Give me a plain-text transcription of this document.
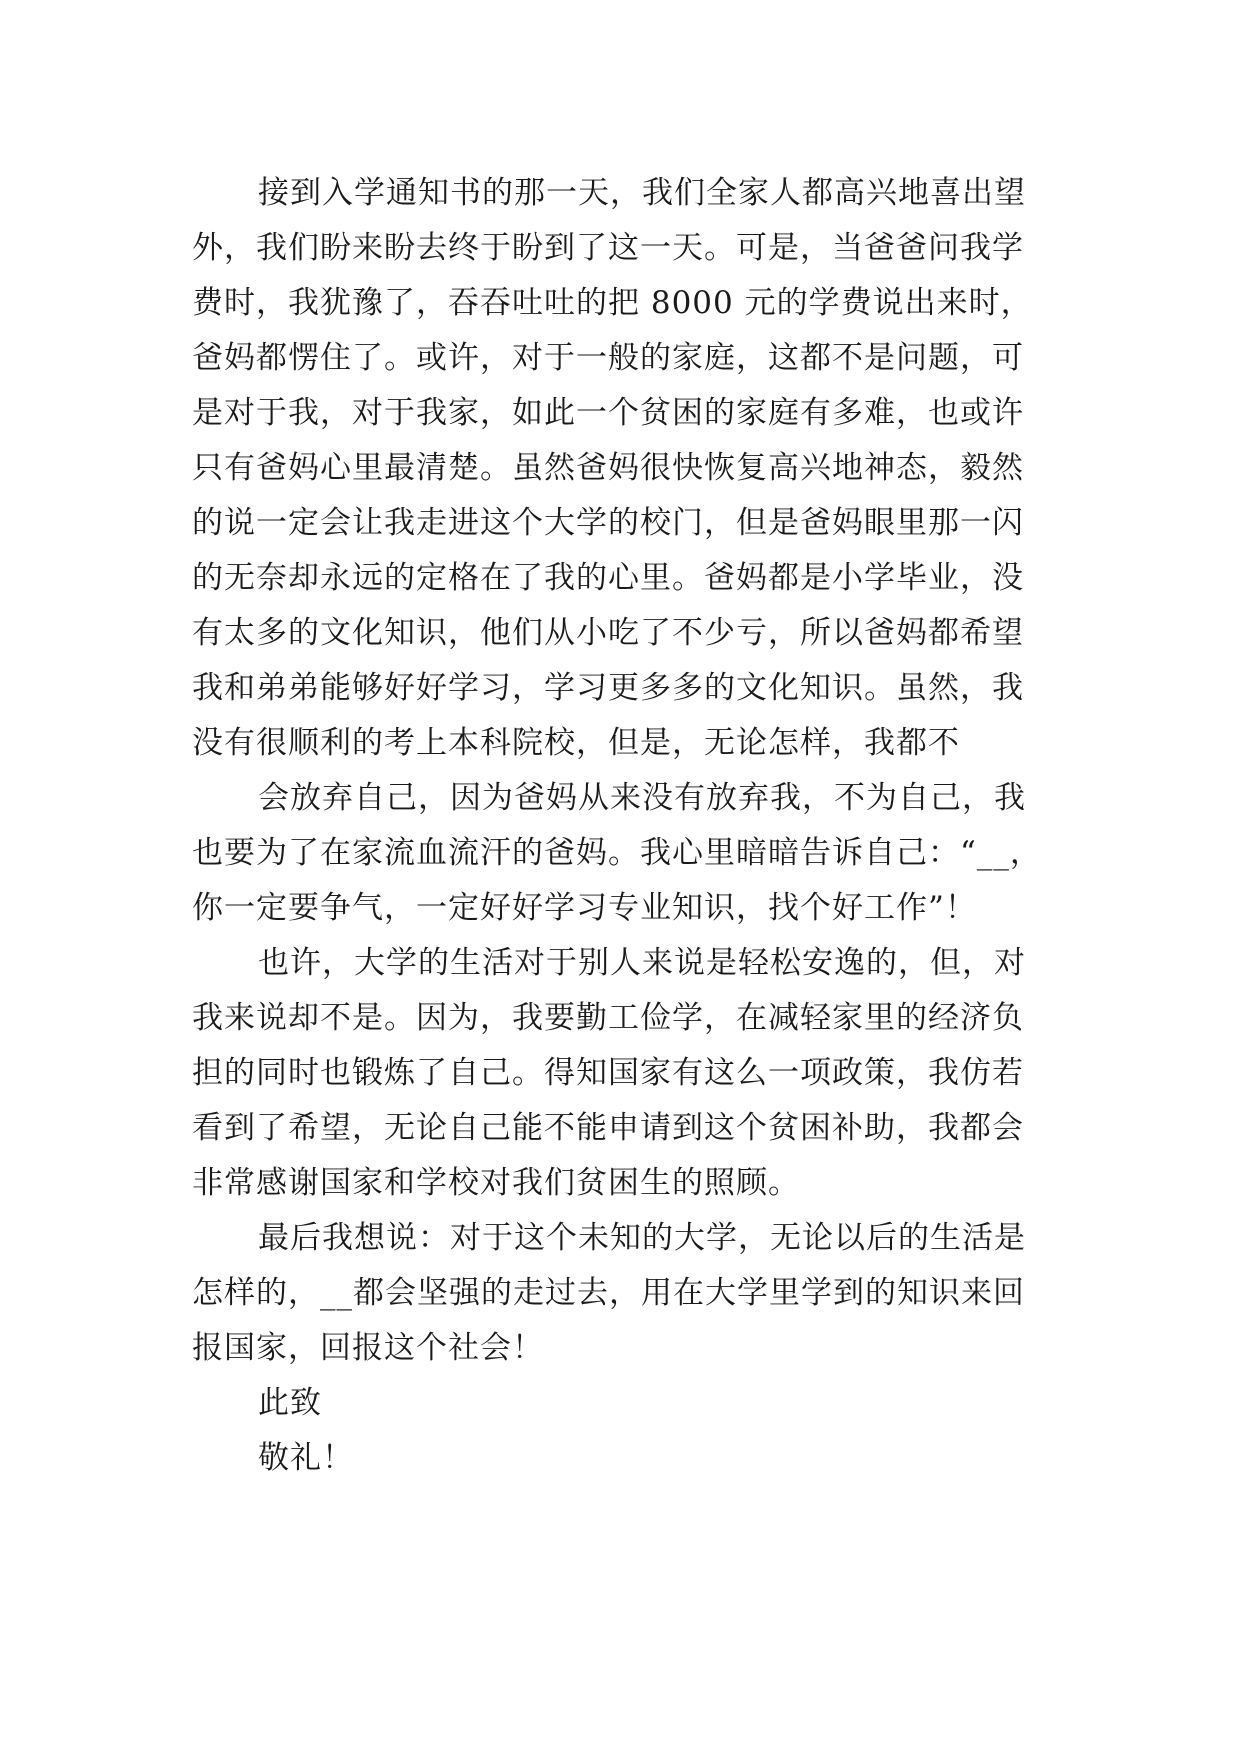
接到入学通知书的那一天，我们全家人都高兴地喜出望
外，我们盼来盼去终于盼到了这一天。可是，当爸爸问我学
费时，我犹豫了，吞吞吐吐的把 8000 元的学费说出来时，
爸妈都愣住了。或许，对于一般的家庭，这都不是问题，可
是对于我，对于我家，如此一个贫困的家庭有多难，也或许
只有爸妈心里最清楚。虽然爸妈很快恢复高兴地神态，毅然
的说一定会让我走进这个大学的校门，但是爸妈眼里那一闪
的无奈却永远的定格在了我的心里。爸妈都是小学毕业，没
有太多的文化知识，他们从小吃了不少亏，所以爸妈都希望
我和弟弟能够好好学习，学习更多多的文化知识。虽然，我
没有很顺利的考上本科院校，但是，无论怎样，我都不
会放弃自己，因为爸妈从来没有放弃我，不为自己，我
也要为了在家流血流汗的爸妈。我心里暗暗告诉自己：“__，
你一定要争气，一定好好学习专业知识，找个好工作”！
也许，大学的生活对于别人来说是轻松安逸的，但，对
我来说却不是。因为，我要勤工俭学，在减轻家里的经济负
担的同时也锻炼了自己。得知国家有这么一项政策，我仿若
看到了希望，无论自己能不能申请到这个贫困补助，我都会
非常感谢国家和学校对我们贫困生的照顾。
最后我想说：对于这个未知的大学，无论以后的生活是
怎样的，__都会坚强的走过去，用在大学里学到的知识来回
报国家，回报这个社会！
此致
敬礼！
